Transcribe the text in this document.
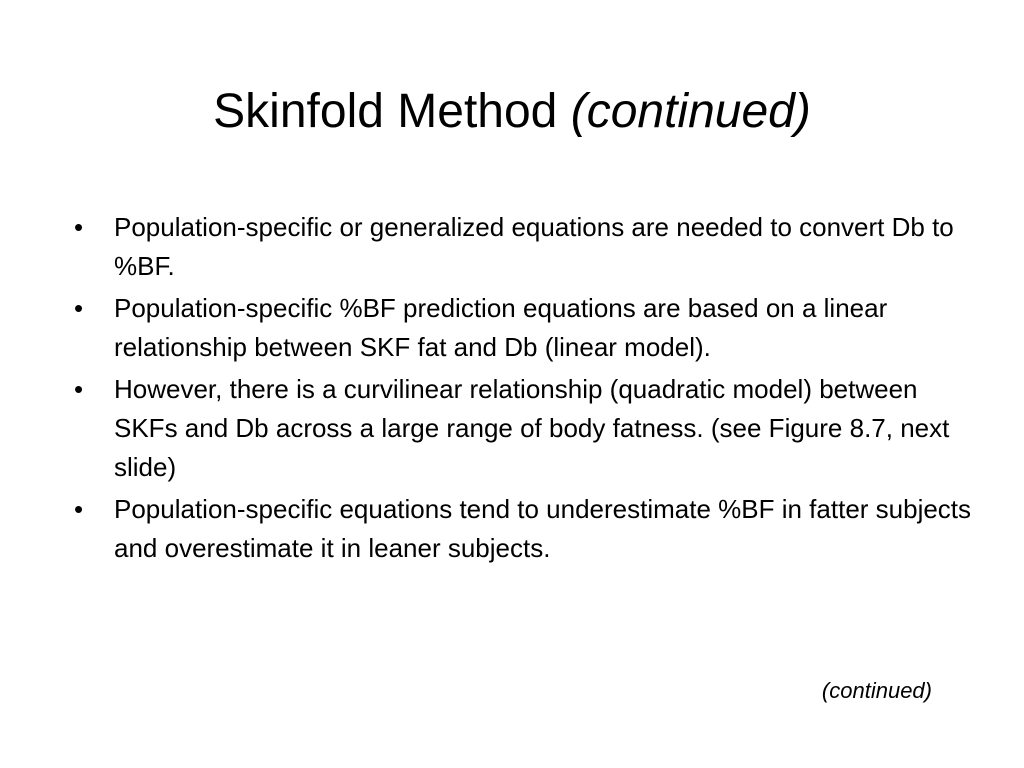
Skinfold Method (continued)
• Population-specific or generalized equations are needed to convert Db to %BF.
• Population-specific %BF prediction equations are based on a linear relationship between SKF fat and Db (linear model).
• However, there is a curvilinear relationship (quadratic model) between SKFs and Db across a large range of body fatness. (see Figure 8.7, next slide)
• Population-specific equations tend to underestimate %BF in fatter subjects and overestimate it in leaner subjects.
(continued)
